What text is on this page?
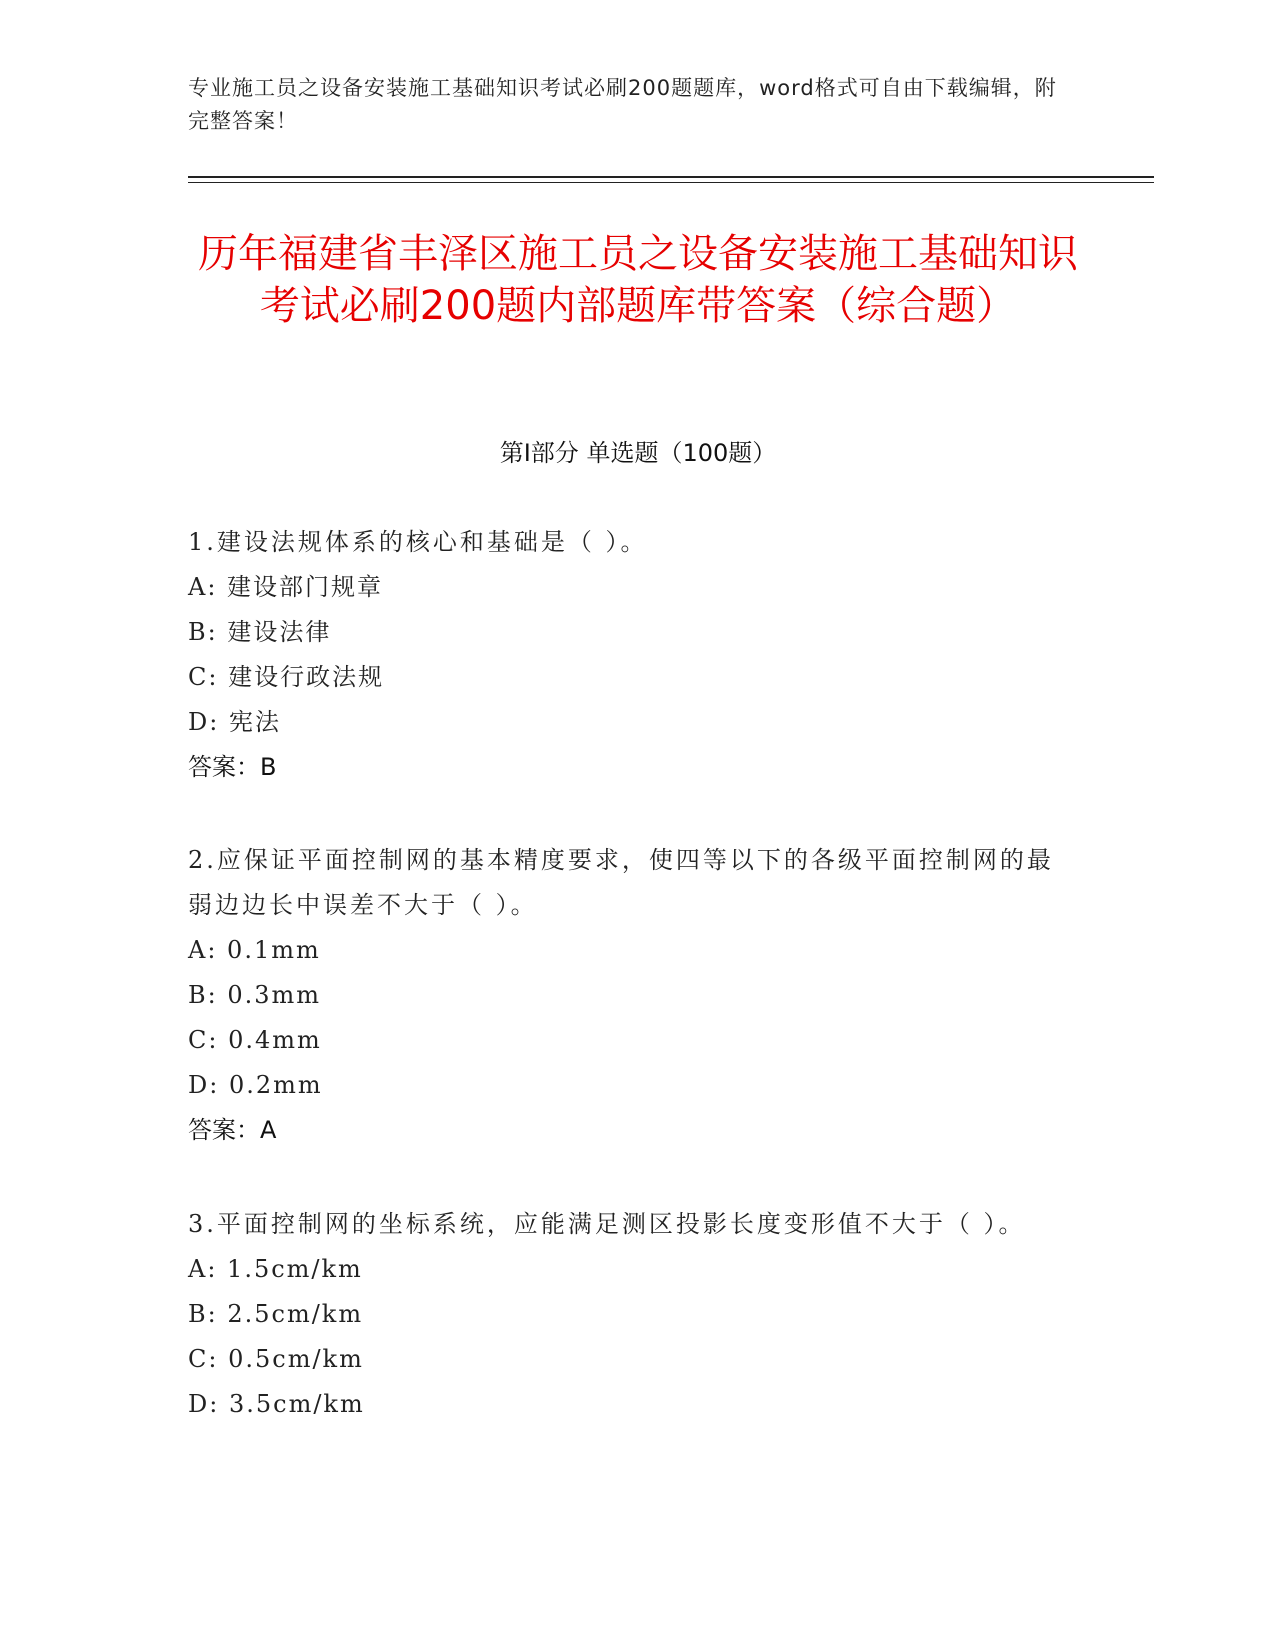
专业施工员之设备安装施工基础知识考试必刷200题题库，word格式可自由下载编辑，附完整答案！
历年福建省丰泽区施工员之设备安装施工基础知识考试必刷200题内部题库带答案（综合题）
第Ⅰ部分 单选题（100题）

1.建设法规体系的核心和基础是（ ）。

A: 建设部门规章

B: 建设法律

C: 建设行政法规

D: 宪法

答案：B

2.应保证平面控制网的基本精度要求，使四等以下的各级平面控制网的最弱边边长中误差不大于（ ）。

A: 0.1mm

B: 0.3mm

C: 0.4mm

D: 0.2mm

答案：A

3.平面控制网的坐标系统，应能满足测区投影长度变形值不大于（ ）。

A: 1.5cm/km

B: 2.5cm/km

C: 0.5cm/km

D: 3.5cm/km
